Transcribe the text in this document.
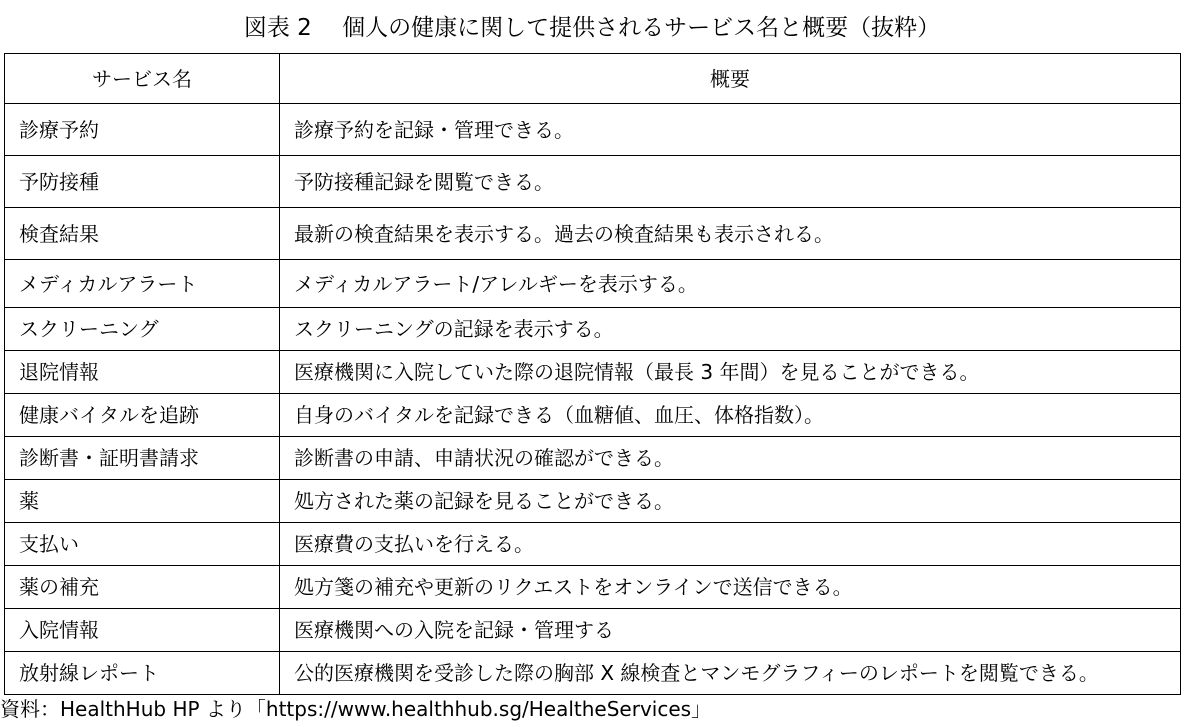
図表 2　 個人の健康に関して提供されるサービス名と概要（抜粋）
サービス名	概要
診療予約	診療予約を記録・管理できる。
予防接種	予防接種記録を閲覧できる。
検査結果	最新の検査結果を表示する。過去の検査結果も表示される。
メディカルアラート	メディカルアラート/アレルギーを表示する。
スクリーニング	スクリーニングの記録を表示する。
退院情報	医療機関に入院していた際の退院情報（最長 3 年間）を見ることができる。
健康バイタルを追跡	自身のバイタルを記録できる（血糖値、血圧、体格指数）。
診断書・証明書請求	診断書の申請、申請状況の確認ができる。
薬	処方された薬の記録を見ることができる。
支払い	医療費の支払いを行える。
薬の補充	処方箋の補充や更新のリクエストをオンラインで送信できる。
入院情報	医療機関への入院を記録・管理する
放射線レポート	公的医療機関を受診した際の胸部 X 線検査とマンモグラフィーのレポートを閲覧できる。
資料：HealthHub HP より「https://www.healthhub.sg/HealtheServices」
